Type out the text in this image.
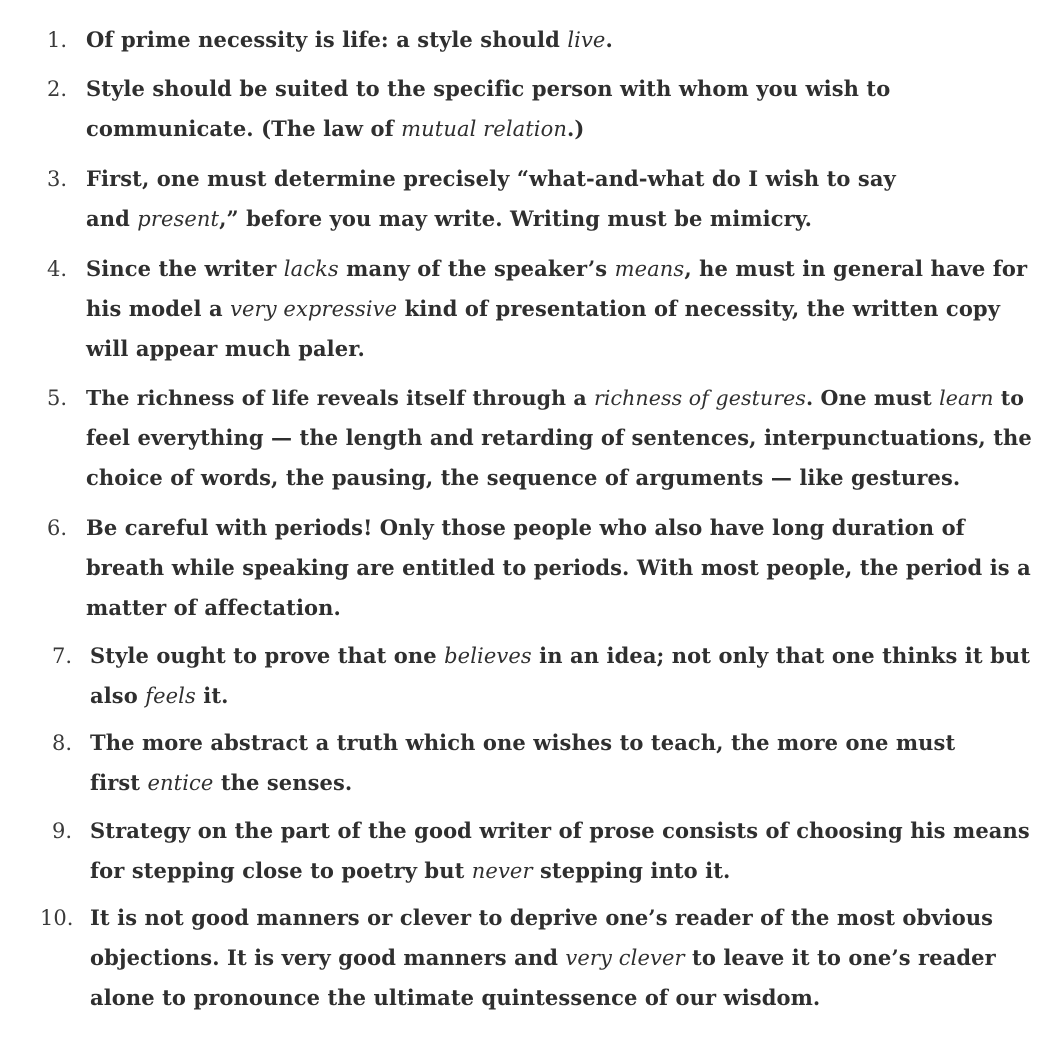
1. Of prime necessity is life: a style should live.
2. Style should be suited to the specific person with whom you wish to
communicate. (The law of mutual relation.)
3. First, one must determine precisely “what-and-what do I wish to say
and present,” before you may write. Writing must be mimicry.
4. Since the writer lacks many of the speaker’s means, he must in general have for
his model a very expressive kind of presentation of necessity, the written copy
will appear much paler.
5. The richness of life reveals itself through a richness of gestures. One must learn to
feel everything — the length and retarding of sentences, interpunctuations, the
choice of words, the pausing, the sequence of arguments — like gestures.
6. Be careful with periods! Only those people who also have long duration of
breath while speaking are entitled to periods. With most people, the period is a
matter of affectation.
7. Style ought to prove that one believes in an idea; not only that one thinks it but
also feels it.
8. The more abstract a truth which one wishes to teach, the more one must
first entice the senses.
9. Strategy on the part of the good writer of prose consists of choosing his means
for stepping close to poetry but never stepping into it.
10. It is not good manners or clever to deprive one’s reader of the most obvious
objections. It is very good manners and very clever to leave it to one’s reader
alone to pronounce the ultimate quintessence of our wisdom.
